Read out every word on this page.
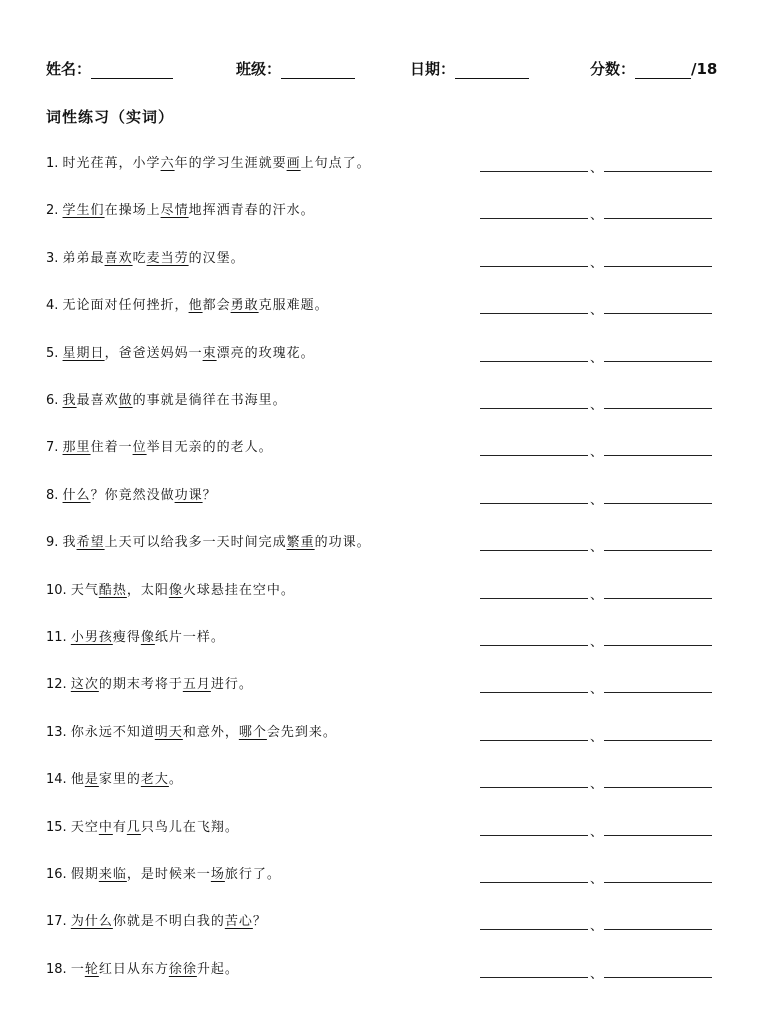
姓名：	班级：	日期：	分数：	/18
词性练习（实词）
1. 时光荏苒，小学六年的学习生涯就要画上句点了。	、
2. 学生们在操场上尽情地挥洒青春的汗水。	、
3. 弟弟最喜欢吃麦当劳的汉堡。	、
4. 无论面对任何挫折，他都会勇敢克服难题。	、
5. 星期日，爸爸送妈妈一束漂亮的玫瑰花。	、
6. 我最喜欢做的事就是徜徉在书海里。	、
7. 那里住着一位举目无亲的的老人。	、
8. 什么？你竟然没做功课？	、
9. 我希望上天可以给我多一天时间完成繁重的功课。	、
10. 天气酷热，太阳像火球悬挂在空中。	、
11. 小男孩瘦得像纸片一样。	、
12. 这次的期末考将于五月进行。	、
13. 你永远不知道明天和意外，哪个会先到来。	、
14. 他是家里的老大。	、
15. 天空中有几只鸟儿在飞翔。	、
16. 假期来临，是时候来一场旅行了。	、
17. 为什么你就是不明白我的苦心？	、
18. 一轮红日从东方徐徐升起。	、
